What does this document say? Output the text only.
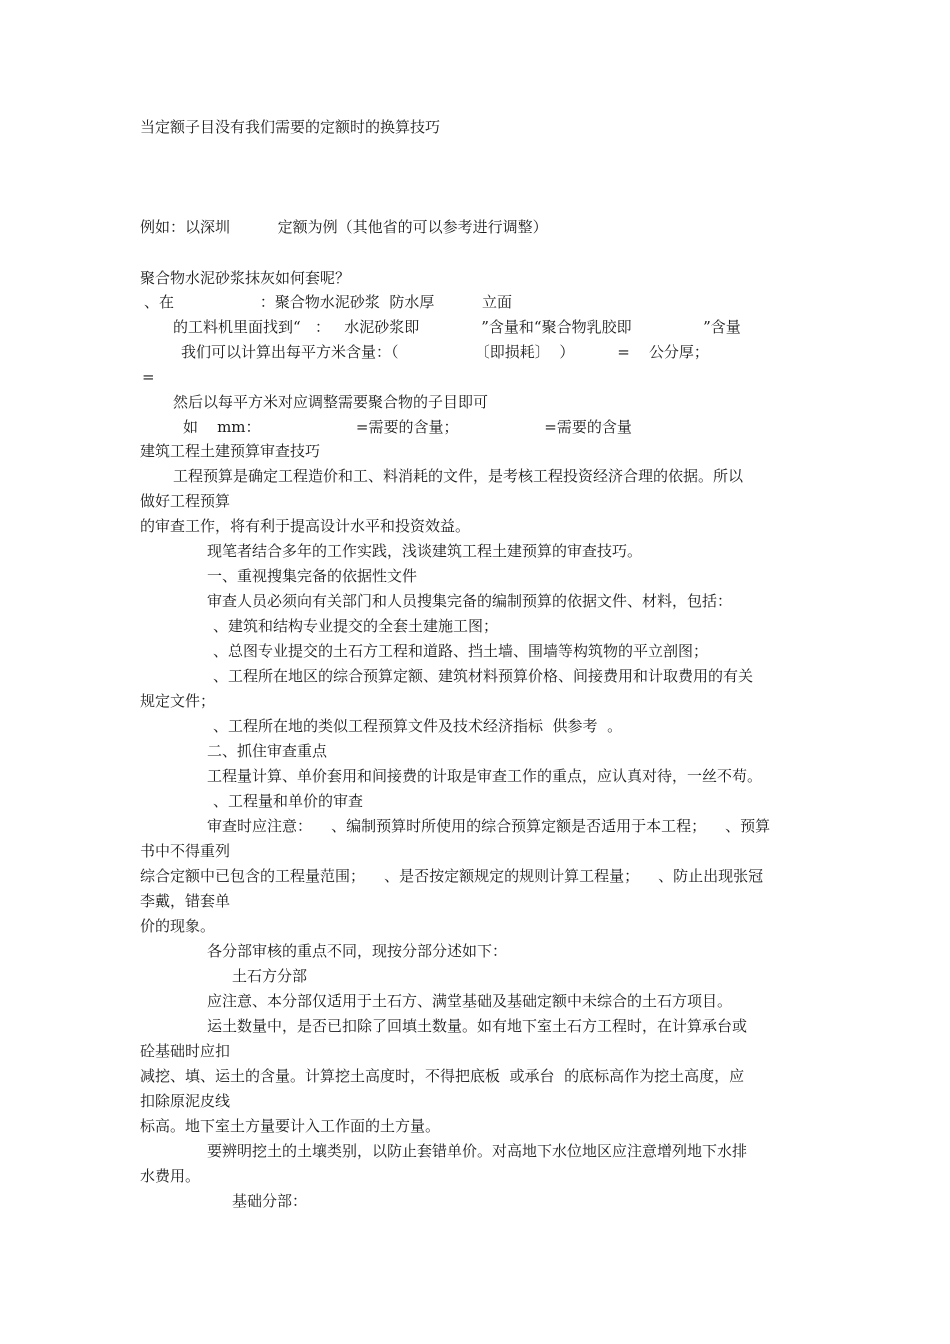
当定额子目没有我们需要的定额时的换算技巧
例如：以深圳          定额为例（其他省的可以参考进行调整）
聚合物水泥砂浆抹灰如何套呢？
、在                  ：聚合物水泥砂浆  防水厚          立面
的工料机里面找到“   ：   水泥砂浆即             ”含量和“聚合物乳胶即               ”含量
我们可以计算出每平方米含量：（                〔即损耗〕  ）         =    公分厚；
=
然后以每平方米对应调整需要聚合物的子目即可
如    mm：                    =需要的含量；                  =需要的含量
建筑工程土建预算审查技巧
工程预算是确定工程造价和工、料消耗的文件，是考核工程投资经济合理的依据。所以
做好工程预算
的审查工作，将有利于提高设计水平和投资效益。
现笔者结合多年的工作实践，浅谈建筑工程土建预算的审查技巧。
一、重视搜集完备的依据性文件
审查人员必须向有关部门和人员搜集完备的编制预算的依据文件、材料，包括：
、建筑和结构专业提交的全套土建施工图；
、总图专业提交的土石方工程和道路、挡土墙、围墙等构筑物的平立剖图；
、工程所在地区的综合预算定额、建筑材料预算价格、间接费用和计取费用的有关
规定文件；
、工程所在地的类似工程预算文件及技术经济指标  供参考  。
二、抓住审查重点
工程量计算、单价套用和间接费的计取是审查工作的重点，应认真对待，一丝不苟。
、工程量和单价的审查
审查时应注意：    、编制预算时所使用的综合预算定额是否适用于本工程；    、预算
书中不得重列
综合定额中已包含的工程量范围；    、是否按定额规定的规则计算工程量；    、防止出现张冠
李戴，错套单
价的现象。
各分部审核的重点不同，现按分部分述如下：
土石方分部
应注意、本分部仅适用于土石方、满堂基础及基础定额中未综合的土石方项目。
运土数量中，是否已扣除了回填土数量。如有地下室土石方工程时，在计算承台或
砼基础时应扣
减挖、填、运土的含量。计算挖土高度时，不得把底板  或承台  的底标高作为挖土高度，应
扣除原泥皮线
标高。地下室土方量要计入工作面的土方量。
要辨明挖土的土壤类别，以防止套错单价。对高地下水位地区应注意增列地下水排
水费用。
基础分部：
